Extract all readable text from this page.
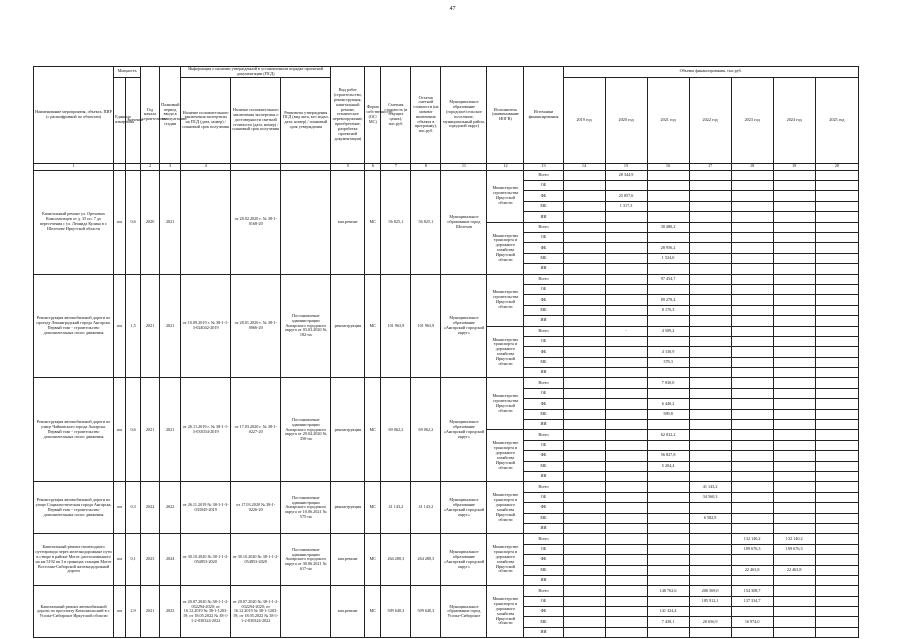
47
Наименование мероприятия, объекта, ПИР (с расшифровкой по объектам)	Мощность		Год начала строительства	Плановый период ввода в эксплуатацию/ стадии	Информация о наличии утвержденной в установленном порядке проектной документации (ПСД)			Вид работ (строительство, реконструкция, капитальный ремонт, техническое перевооружение, приобретение, разработка проектной документации)	Форма собственности (ОС/ МС)	Сметная стоимость (в текущих ценах), тыс.руб.	Остаток сметной стоимости (на момент включения объекта в программу), тыс.руб.	Муниципальное образование (городское/сельское поселение, муниципальный район, городской округ)	Исполнитель (наименование ИОГВ)	Источники финансирования	Объемы финансирования, тыс.руб.						
	Единица измерения	Значение			Наличие положительного заключения экспертизы на ПСД (дата, номер) / плановый срок получения	Наличие положительного заключения экспертизы о достоверности сметной стоимости (дата, номер) / плановый срок получения	Реквизиты утверждения ПСД (вид акта, кто издал, дата, номер) / плановый срок утверждения								2019 год	2020 год	2021 год	2022 год	2023 год	2024 год	2025 год
1			2	3	4			5	6	7	8	11	12	13	14	15	16	17	18	19	20
Капитальный ремонт ул. Ореховых Комсомольцев от д. 35 по. 7 до пересечения с ул. Леонида Кулика в г. Шелехове Иркутской области	км	0,6	2020	2021		от 28.02.2020 г. № 38-1-0168-20		кап.ремонт	МС	56 825,1	56 825,1	Муниципальное образование город Шелехов	Министерство строительства Иркутской области	Всего		28 344,9					
														ОБ							
														ФБ		25 857,6					
														МБ		1 317,3					
														ИИ							
													Министерство транспорта и дорожного хозяйства Иркутской области	Всего			30 480,2				
														ОБ							
														ФБ			28 956,2				
														МБ			1 524,0				
														ИИ							
Реконструкция автомобильной дороги по проезду Ленинградский города Ангарска. Первый этап - строительство дополнительных полос движения	км	1,5	2021	2021	от 10.09.2019 г. № 38-1-1-3-024042-2019	от 28.01.2020 г. № 38-1-0066-20	Постановление администрации Ангарского городского округа от 03.03.2020 № 182-па	реконструкция	МС	101 963,9	101 963,9	Муниципальное образование «Ангарский городской округ»	Министерство строительства Иркутской области	Всего			97 454,7				
														ОБ							
														ФБ			89 278,4				
														МБ			8 176,3				
														ИИ							
													Министерство транспорта и дорожного хозяйства Иркутской области	Всего		-	4 509,2				
														ОБ							
														ФБ			4 130,9				
														МБ			378,3				
														ИИ							
Реконструкция автомобильной дороги по улице Чайковского города Ангарска. Первый этап - строительство дополнительных полос движения	км	0,6	2021	2021	от 26.11.2019 г. № 38-1-1-3-033034-2019	от 17.03.2020 г. № 38-1-0227-20	Постановление администрации Ангарского городского округа от 29.04.2020 № 350-па	реконструкция	МС	69 062,2	69 062,2	Муниципальное образование «Ангарский городской округ»	Министерство строительства Иркутской области	Всего			7 030,0				
														ОБ							
														ФБ			6 440,2				
														МБ			589,8				
														ИИ							
													Министерство транспорта и дорожного хозяйства Иркутской области	Всего			62 032,2				
														ОБ							
														ФБ			56 827,8				
														МБ			5 204,4				
														ИИ							
Реконструкция автомобильной дороги по улице Социалистическая города Ангарска. Первый этап - строительство дополнительных полос движения	км	0,3	2022	2022	от 26.11.2019 № 38-1-1-3-033945-2019	от 17.03.2020 № 38-1-0226-20	Постановление администрации Ангарского городского округа от 10.06.2021 № 575-па	реконструкция	МС	41 143,2	41 143,2	Муниципальное образование «Ангарский городской округ»	Министерство транспорта и дорожного хозяйства Иркутской области	Всего				41 143,2			
														ОБ				34 560,3			
														ФБ							
														МБ				6 582,9			
														ИИ							
Капитальный ремонт пешеходного путепровода через железнодорожные пути в створе в районе Могот, расположенного на км 5192 пк 3 в границах станции Могот Восточно-Сибирской железнодорожной дороги	км	0,1	2023	2024	от 30.10.2020 № 38-1-1-2-054853-2020	от 30.10.2020 № 38-1-1-2-054853-2020	Постановление администрации Ангарского городского округа от 30.06.2021 № 617-па	кап.ремонт	МС	264 280,3	264 280,3	Муниципальное образование «Ангарский городской округ»	Министерство транспорта и дорожного хозяйства Иркутской области	Всего					132 140,2	132 140,2	
														ОБ					109 676,3	109 676,3	
														ФБ							
														МБ					22 463,8	22 463,8	
														ИИ							
Капитальный ремонт автомобильной дороги по проспекту Комсомольский в г. Усолье-Сибирское Иркутской области	км	2,9	2021	2023	от 20.07.2020 № 38-1-1-2-032294-2020; от 16.12.2019 № 38-1-1203-19; от 18.05.2022 № 38-1-1-2-030324-2022	от 20.07.2020 № 38-1-1-2-032294-2020; от 16.12.2019 № 38-1-1203-19; от 18.05.2022 № 38-1-1-2-030324-2022		кап.ремонт	МС	509 640,3	509 640,3	Муниципальное образование город Усолье-Сибирское	Министерство транспорта и дорожного хозяйства Иркутской области	Всего			148 762,6	206 569,0	154 308,7		
														ОБ				185 912,1	137 334,7		
														ФБ			141 324,4				
														МБ			7 438,1	20 656,9	16 974,0		
														ИИ							
